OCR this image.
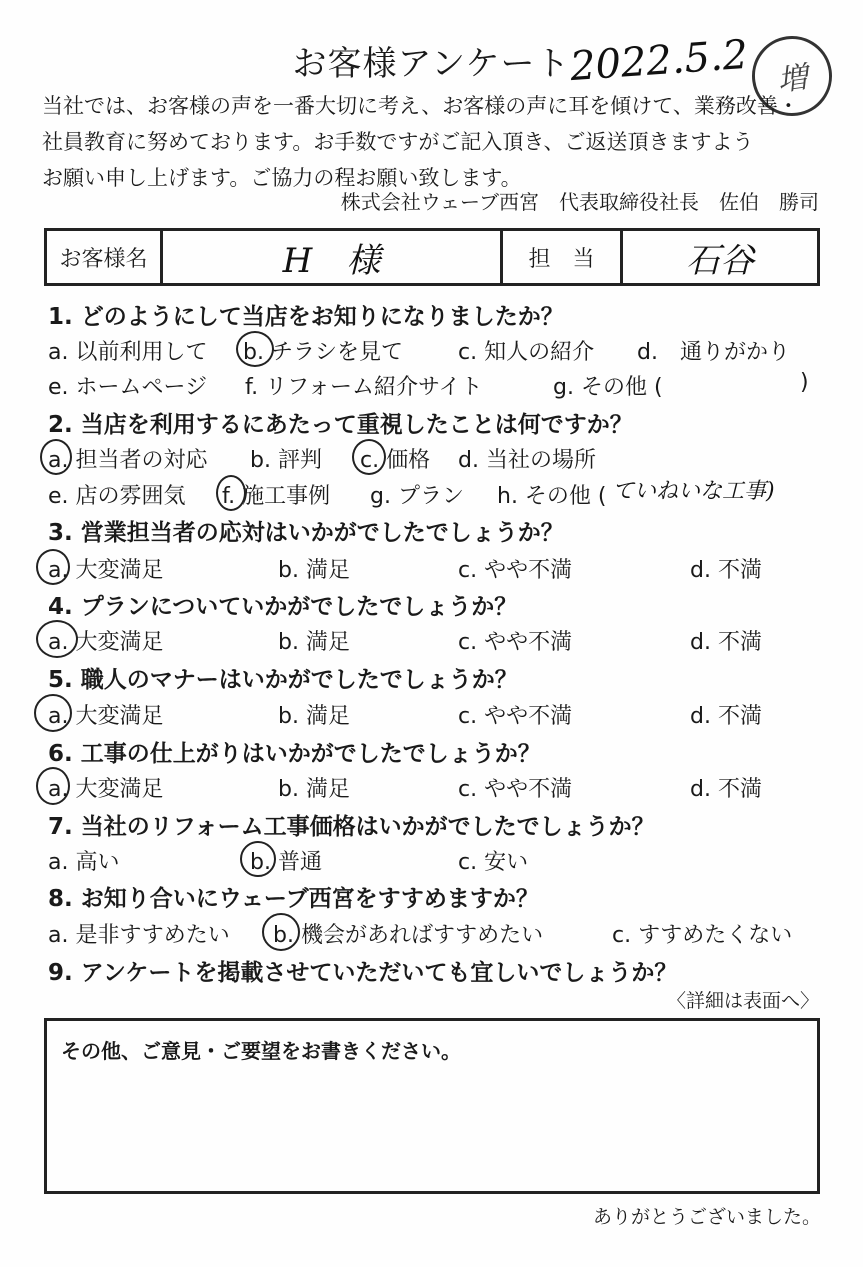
お客様アンケート
2022.5.2 増
当社では、お客様の声を一番大切に考え、お客様の声に耳を傾けて、業務改善・
社員教育に努めております。お手数ですがご記入頂き、ご返送頂きますよう
お願い申し上げます。ご協力の程お願い致します。
株式会社ウェーブ西宮　代表取締役社長　佐伯　勝司
お客様名	H　様	担　当	石谷
1. どのようにして当店をお知りになりましたか？
a. 以前利用して b. チラシを見て	c. 知人の紹介 d.　通りがかり
e. ホームページ f. リフォーム紹介サイト	g. その他 (	)
2. 当店を利用するにあたって重視したことは何ですか？
a. 担当者の対応 b. 評判 c. 価格 d. 当社の場所
e. 店の雰囲気 f. 施工事例 g. プラン h. その他 ( ていねいな工事)
3. 営業担当者の応対はいかがでしたでしょうか？
a. 大変満足	b. 満足	c. やや不満	d. 不満
4. プランについていかがでしたでしょうか？
a. 大変満足	b. 満足	c. やや不満	d. 不満
5. 職人のマナーはいかがでしたでしょうか？
a. 大変満足	b. 満足	c. やや不満	d. 不満
6. 工事の仕上がりはいかがでしたでしょうか？
a. 大変満足	b. 満足	c. やや不満	d. 不満
7. 当社のリフォーム工事価格はいかがでしたでしょうか？
a. 高い	b. 普通	c. 安い
8. お知り合いにウェーブ西宮をすすめますか？
a. 是非すすめたい b. 機会があればすすめたい	c. すすめたくない
9. アンケートを掲載させていただいても宜しいでしょうか？
〈詳細は表面へ〉
その他、ご意見・ご要望をお書きください。
ありがとうございました。
